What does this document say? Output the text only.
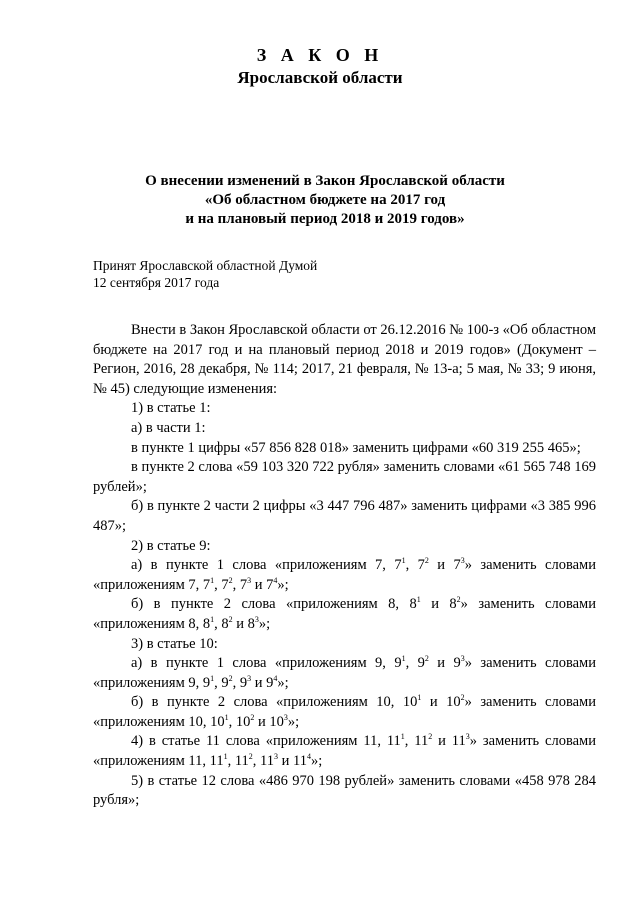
З А К О Н
Ярославской области
О внесении изменений в Закон Ярославской области
«Об областном бюджете на 2017 год
и на плановый период 2018 и 2019 годов»
Принят Ярославской областной Думой
12 сентября 2017 года

Внести в Закон Ярославской области от 26.12.2016 № 100-з «Об областном бюджете на 2017 год и на плановый период 2018 и 2019 годов» (Документ – Регион, 2016, 28 декабря, № 114; 2017, 21 февраля, № 13-а; 5 мая, № 33; 9 июня, № 45) следующие изменения:

1) в статье 1:

а) в части 1:

в пункте 1 цифры «57 856 828 018» заменить цифрами «60 319 255 465»;

в пункте 2 слова «59 103 320 722 рубля» заменить словами «61 565 748 169 рублей»;

б) в пункте 2 части 2 цифры «3 447 796 487» заменить цифрами «3 385 996 487»;

2) в статье 9:

а) в пункте 1 слова «приложениям 7, $7^1$, $7^2$ и $7^3$» заменить словами «приложениям 7, $7^1$, $7^2$, $7^3$ и $7^4$»;

б) в пункте 2 слова «приложениям 8, $8^1$ и $8^2$» заменить словами «приложениям 8, $8^1$, $8^2$ и $8^3$»;

3) в статье 10:

а) в пункте 1 слова «приложениям 9, $9^1$, $9^2$ и $9^3$» заменить словами «приложениям 9, $9^1$, $9^2$, $9^3$ и $9^4$»;

б) в пункте 2 слова «приложениям 10, $10^1$ и $10^2$» заменить словами «приложениям 10, $10^1$, $10^2$ и $10^3$»;

4) в статье 11 слова «приложениям 11, $11^1$, $11^2$ и $11^3$» заменить словами «приложениям 11, $11^1$, $11^2$, $11^3$ и $11^4$»;

5) в статье 12 слова «486 970 198 рублей» заменить словами «458 978 284 рубля»;
